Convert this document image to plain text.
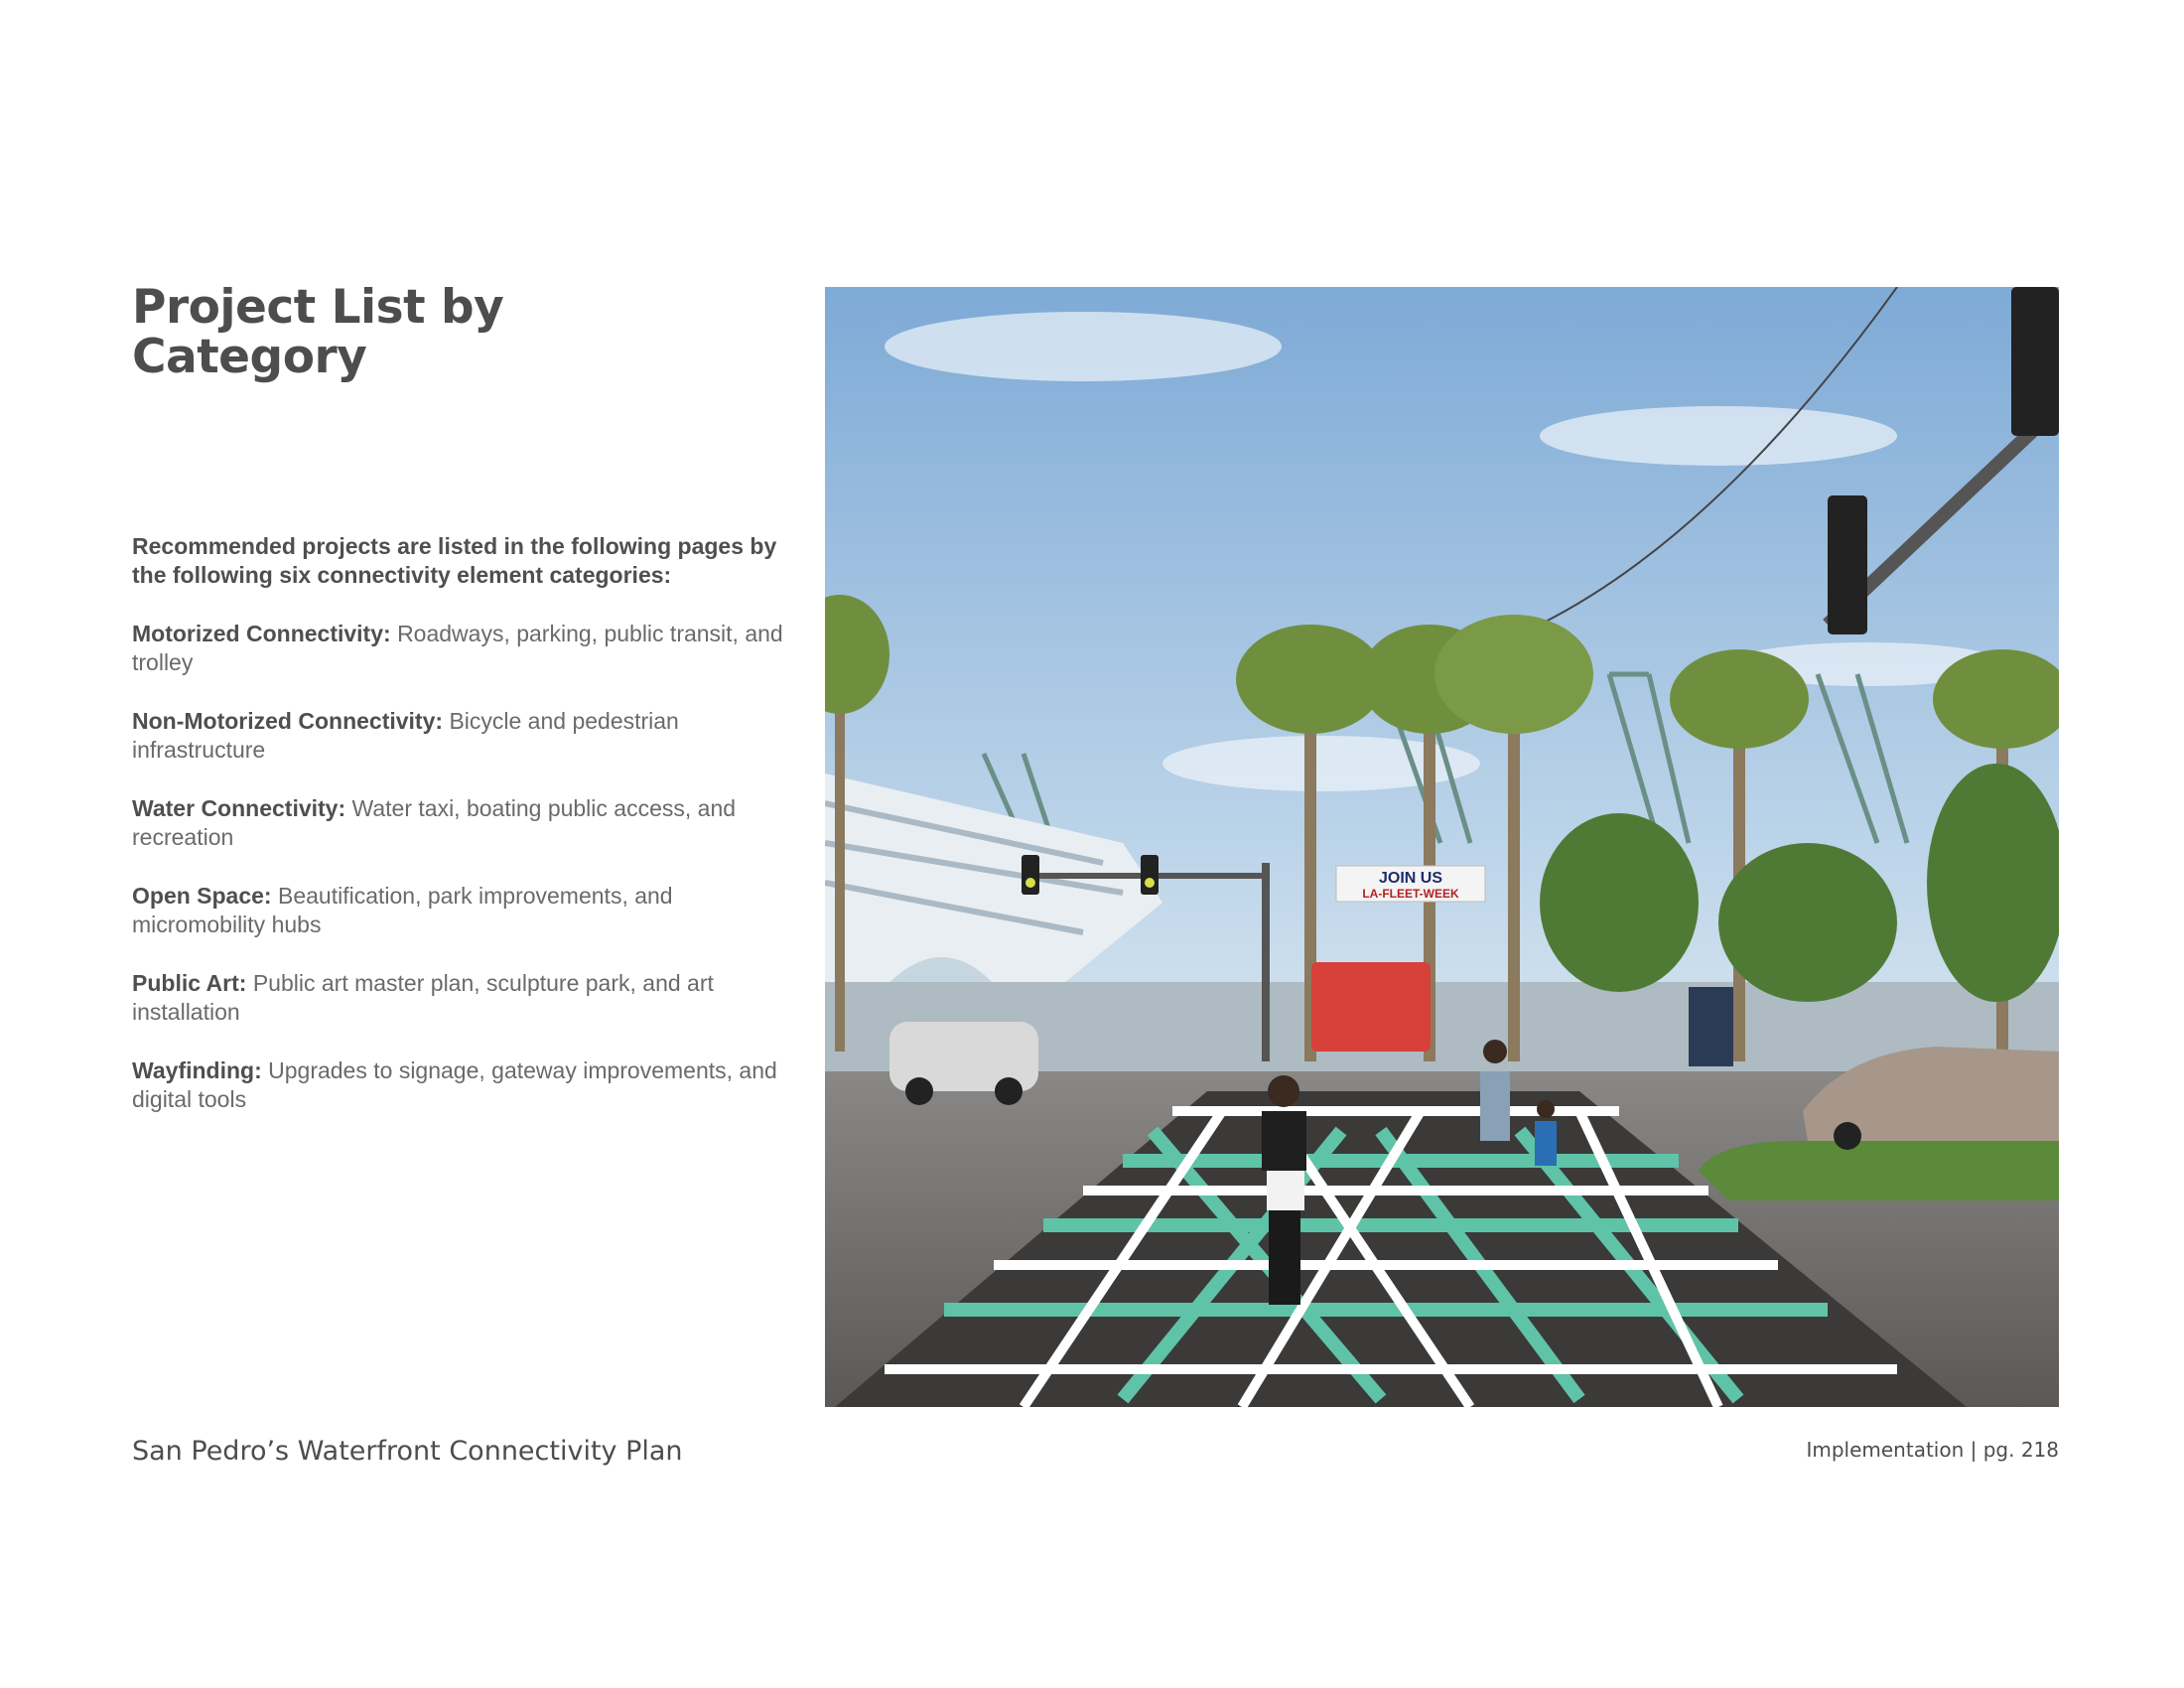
Project List by
Category

Recommended projects are listed in the following pages by the following six connectivity element categories:

Motorized Connectivity: Roadways, parking, public transit, and trolley
Non-Motorized Connectivity: Bicycle and pedestrian infrastructure
Water Connectivity: Water taxi, boating public access, and recreation
Open Space: Beautification, park improvements, and micromobility hubs
Public Art: Public art master plan, sculpture park, and art installation
Wayfinding: Upgrades to signage, gateway improvements, and digital tools
JOIN US
LA-FLEET-WEEK
San Pedro’s Waterfront Connectivity Plan	Implementation | pg. 218
